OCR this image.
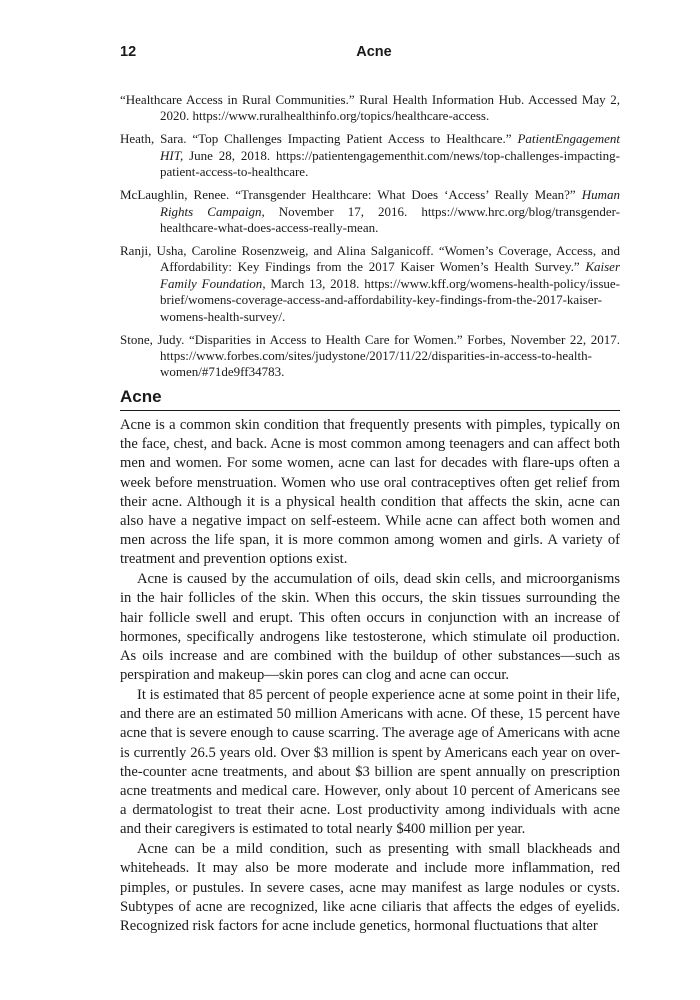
12	Acne

“Healthcare Access in Rural Communities.” Rural Health Information Hub. Accessed May 2, 2020. https://www.ruralhealthinfo.org/topics/healthcare-access.

Heath, Sara. “Top Challenges Impacting Patient Access to Healthcare.” PatientEngagement HIT, June 28, 2018. https://patientengagementhit.com/news/top-challenges-impacting-patient-access-to-healthcare.

McLaughlin, Renee. “Transgender Healthcare: What Does ‘Access’ Really Mean?” Human Rights Campaign, November 17, 2016. https://www.hrc.org/blog/transgender-healthcare-what-does-access-really-mean.

Ranji, Usha, Caroline Rosenzweig, and Alina Salganicoff. “Women’s Coverage, Access, and Affordability: Key Findings from the 2017 Kaiser Women’s Health Survey.” Kaiser Family Foundation, March 13, 2018. https://www.kff.org/womens-health-policy/issue-brief/womens-coverage-access-and-affordability-key-findings-from-the-2017-kaiser-womens-health-survey/.

Stone, Judy. “Disparities in Access to Health Care for Women.” Forbes, November 22, 2017. https://www.forbes.com/sites/judystone/2017/11/22/disparities-in-access-to-health-women/#71de9ff34783.

Acne

Acne is a common skin condition that frequently presents with pimples, typically on the face, chest, and back. Acne is most common among teenagers and can affect both men and women. For some women, acne can last for decades with flare-ups often a week before menstruation. Women who use oral contraceptives often get relief from their acne. Although it is a physical health condition that affects the skin, acne can also have a negative impact on self-esteem. While acne can affect both women and men across the life span, it is more common among women and girls. A variety of treatment and prevention options exist.

Acne is caused by the accumulation of oils, dead skin cells, and microorganisms in the hair follicles of the skin. When this occurs, the skin tissues surrounding the hair follicle swell and erupt. This often occurs in conjunction with an increase of hormones, specifically androgens like testosterone, which stimulate oil production. As oils increase and are combined with the buildup of other substances—such as perspiration and makeup—skin pores can clog and acne can occur.

It is estimated that 85 percent of people experience acne at some point in their life, and there are an estimated 50 million Americans with acne. Of these, 15 percent have acne that is severe enough to cause scarring. The average age of Americans with acne is currently 26.5 years old. Over $3 million is spent by Americans each year on over-the-counter acne treatments, and about $3 billion are spent annually on prescription acne treatments and medical care. However, only about 10 percent of Americans see a dermatologist to treat their acne. Lost productivity among individuals with acne and their caregivers is estimated to total nearly $400 million per year.

Acne can be a mild condition, such as presenting with small blackheads and whiteheads. It may also be more moderate and include more inflammation, red pimples, or pustules. In severe cases, acne may manifest as large nodules or cysts. Subtypes of acne are recognized, like acne ciliaris that affects the edges of eyelids. Recognized risk factors for acne include genetics, hormonal fluctuations that alter
